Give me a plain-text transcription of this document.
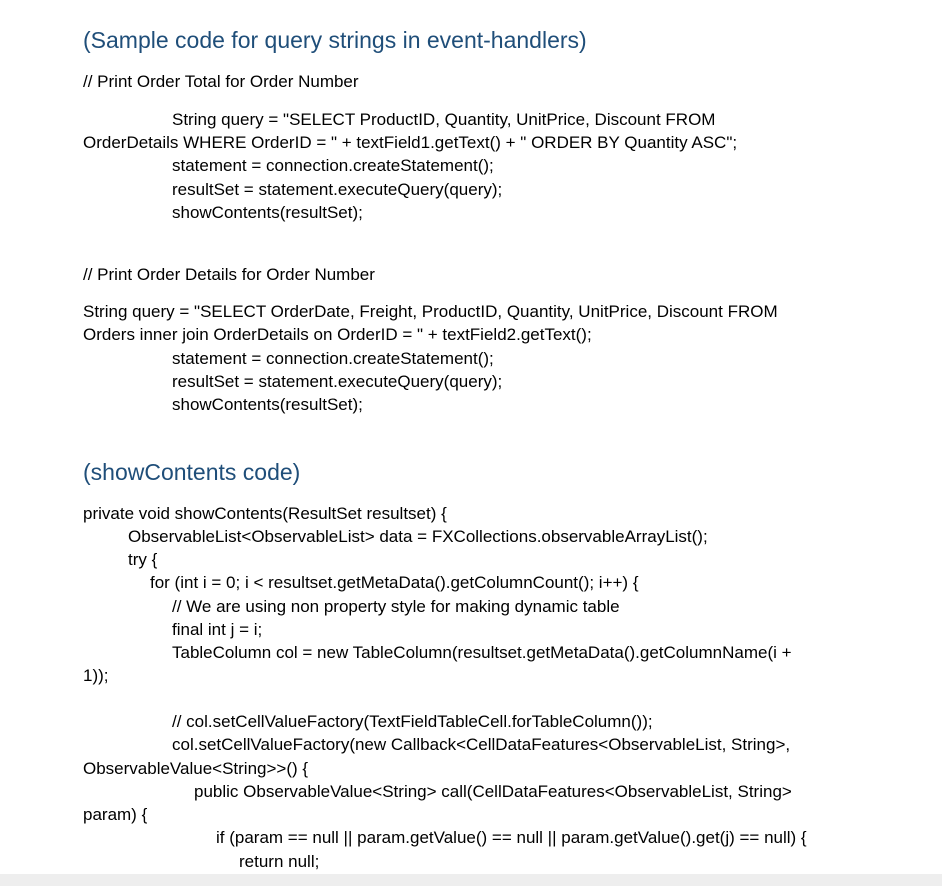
(Sample code for query strings in event-handlers)
// Print Order Total for Order Number
String query = "SELECT ProductID, Quantity, UnitPrice, Discount FROM
OrderDetails WHERE OrderID = " + textField1.getText() + " ORDER BY Quantity ASC";
statement = connection.createStatement();
resultSet = statement.executeQuery(query);
showContents(resultSet);
// Print Order Details for Order Number
String query = "SELECT OrderDate, Freight, ProductID, Quantity, UnitPrice, Discount FROM
Orders inner join OrderDetails on OrderID = " + textField2.getText();
statement = connection.createStatement();
resultSet = statement.executeQuery(query);
showContents(resultSet);
(showContents code)
private void showContents(ResultSet resultset) {
ObservableList<ObservableList> data = FXCollections.observableArrayList();
try {
for (int i = 0; i < resultset.getMetaData().getColumnCount(); i++) {
// We are using non property style for making dynamic table
final int j = i;
TableColumn col = new TableColumn(resultset.getMetaData().getColumnName(i +
1));
// col.setCellValueFactory(TextFieldTableCell.forTableColumn());
col.setCellValueFactory(new Callback<CellDataFeatures<ObservableList, String>,
ObservableValue<String>>() {
public ObservableValue<String> call(CellDataFeatures<ObservableList, String>
param) {
if (param == null || param.getValue() == null || param.getValue().get(j) == null) {
return null;
